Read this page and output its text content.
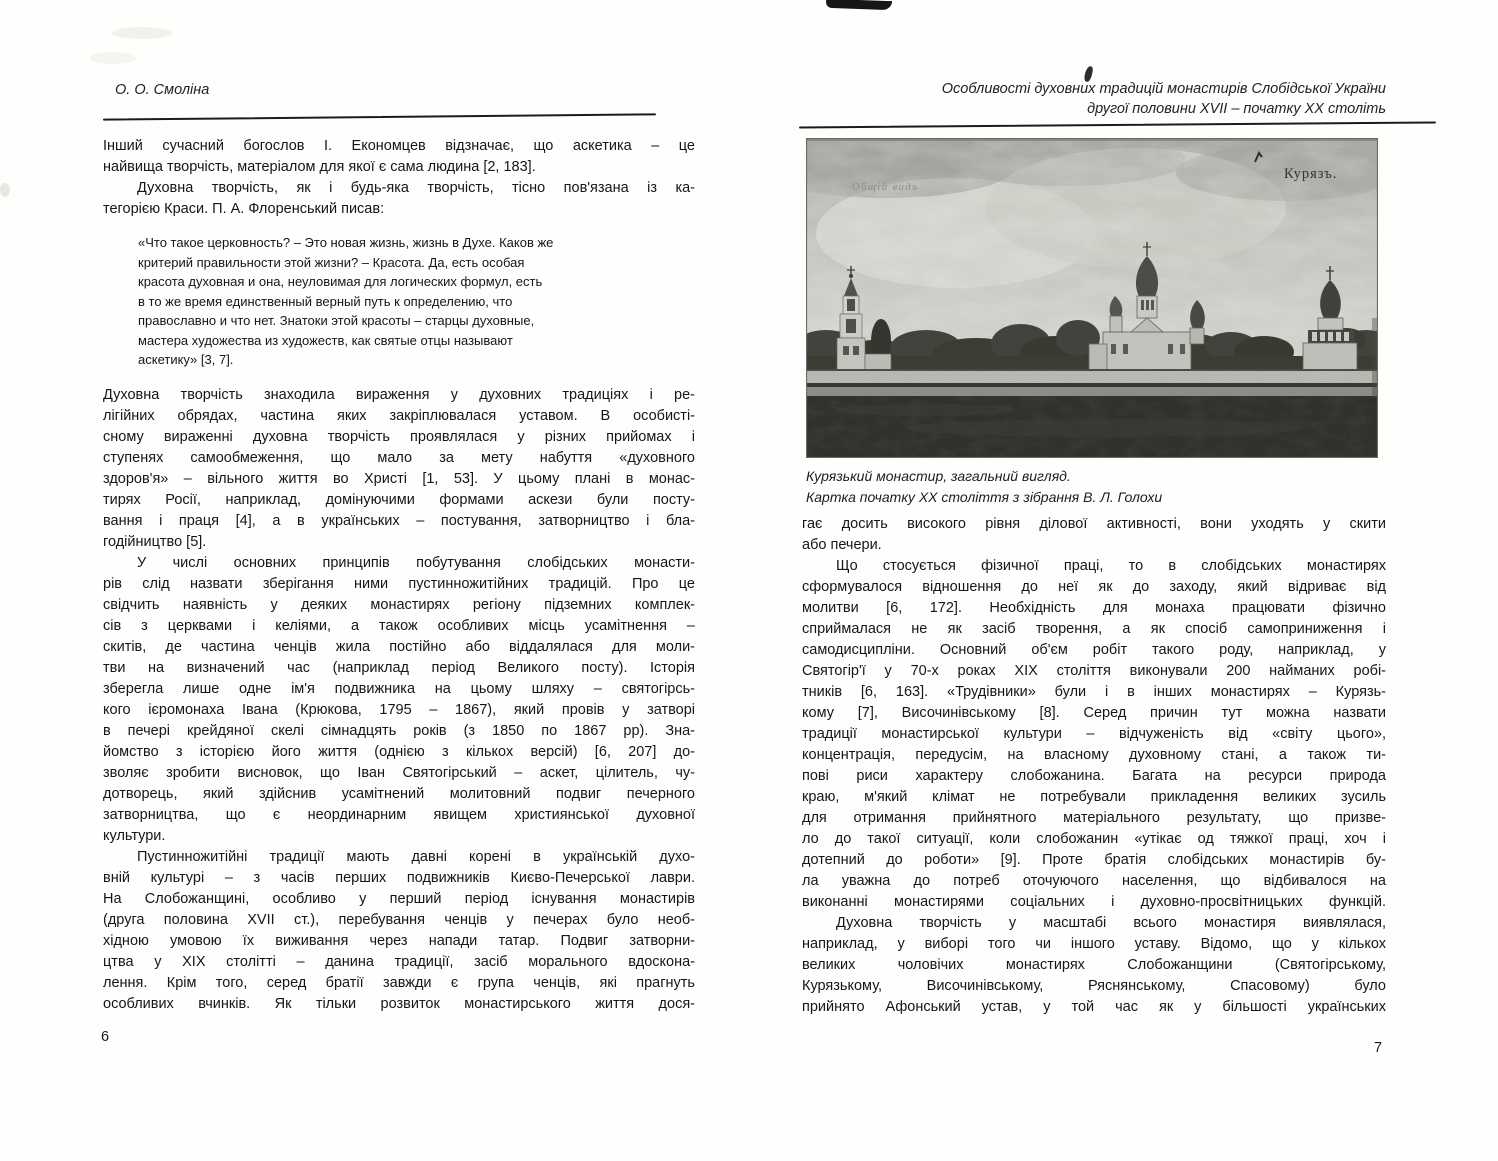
О. О. Смоліна
Інший сучасний богослов І. Економцев відзначає, що аскетика – це
найвища творчість, матеріалом для якої є сама людина [2, 183].
Духовна творчість, як і будь-яка творчість, тісно пов'язана із ка-
тегорією Краси. П. А. Флоренський писав:
«Что такое церковность? – Это новая жизнь, жизнь в Духе. Каков же
критерий правильности этой жизни? – Красота. Да, есть особая
красота духовная и она, неуловимая для логических формул, есть
в то же время единственный верный путь к определению, что
православно и что нет. Знатоки этой красоты – старцы духовные,
мастера художества из художеств, как святые отцы называют
аскетику» [3, 7].
Духовна творчість знаходила вираження у духовних традиціях і ре-
лігійних обрядах, частина яких закріплювалася уставом. В особисті-
сному вираженні духовна творчість проявлялася у різних прийомах і
ступенях самообмеження, що мало за мету набуття «духовного
здоров'я» – вільного життя во Христі [1, 53]. У цьому плані в монас-
тирях Росії, наприклад, домінуючими формами аскези були посту-
вання і праця [4], а в українських – постування, затворництво і бла-
годійництво [5].
У числі основних принципів побутування слобідських монасти-
рів слід назвати зберігання ними пустинножитійних традицій. Про це
свідчить наявність у деяких монастирях регіону підземних комплек-
сів з церквами і келіями, а також особливих місць усамітнення –
скитів, де частина ченців жила постійно або віддалялася для моли-
тви на визначений час (наприклад період Великого посту). Історія
зберегла лише одне ім'я подвижника на цьому шляху – святогірсь-
кого ієромонаха Івана (Крюкова, 1795 – 1867), який провів у затворі
в печері крейдяної скелі сімнадцять років (з 1850 по 1867 рр). Зна-
йомство з історією його життя (однією з кількох версій) [6, 207] до-
зволяє зробити висновок, що Іван Святогірський – аскет, цілитель, чу-
дотворець, який здійснив усамітнений молитовний подвиг печерного
затворництва, що є неординарним явищем християнської духовної
культури.
Пустинножитійні традиції мають давні корені в українській духо-
вній культурі – з часів перших подвижників Києво-Печерської лаври.
На Слобожанщині, особливо у перший період існування монастирів
(друга половина XVII ст.), перебування ченців у печерах було необ-
хідною умовою їх виживання через напади татар. Подвиг затворни-
цтва у XIX столітті – данина традиції, засіб морального вдоскона-
лення. Крім того, серед братії завжди є група ченців, які прагнуть
особливих вчинків. Як тільки розвиток монастирського життя дося-
6
Особливості духовних традицій монастирів Слобідської України
другої половини XVII – початку XX століть
Общій видъ
Курязъ.
Курязький монастир, загальний вигляд.
Картка початку XX століття з зібрання В. Л. Голохи
гає досить високого рівня ділової активності, вони уходять у скити
або печери.
Що стосується фізичної праці, то в слобідських монастирях
сформувалося відношення до неї як до заходу, який відриває від
молитви [6, 172]. Необхідність для монаха працювати фізично
сприймалася не як засіб творення, а як спосіб самоприниження і
самодисципліни. Основний об'єм робіт такого роду, наприклад, у
Святогір'ї у 70-х роках XIX століття виконували 200 найманих робі-
тників [6, 163]. «Трудівники» були і в інших монастирях – Курязь-
кому [7], Височинівському [8]. Серед причин тут можна назвати
традиції монастирської культури – відчуженість від «світу цього»,
концентрація, передусім, на власному духовному стані, а також ти-
пові риси характеру слобожанина. Багата на ресурси природа
краю, м'який клімат не потребували прикладення великих зусиль
для отримання прийнятного матеріального результату, що призве-
ло до такої ситуації, коли слобожанин «утікає од тяжкої праці, хоч і
дотепний до роботи» [9]. Проте братія слобідських монастирів бу-
ла уважна до потреб оточуючого населення, що відбивалося на
виконанні монастирями соціальних і духовно-просвітницьких функцій.
Духовна творчість у масштабі всього монастиря виявлялася,
наприклад, у виборі того чи іншого уставу. Відомо, що у кількох
великих чоловічих монастирях Слобожанщини (Святогірському,
Курязькому, Височинівському, Ряснянському, Спасовому) було
прийнято Афонський устав, у той час як у більшості українських
7
